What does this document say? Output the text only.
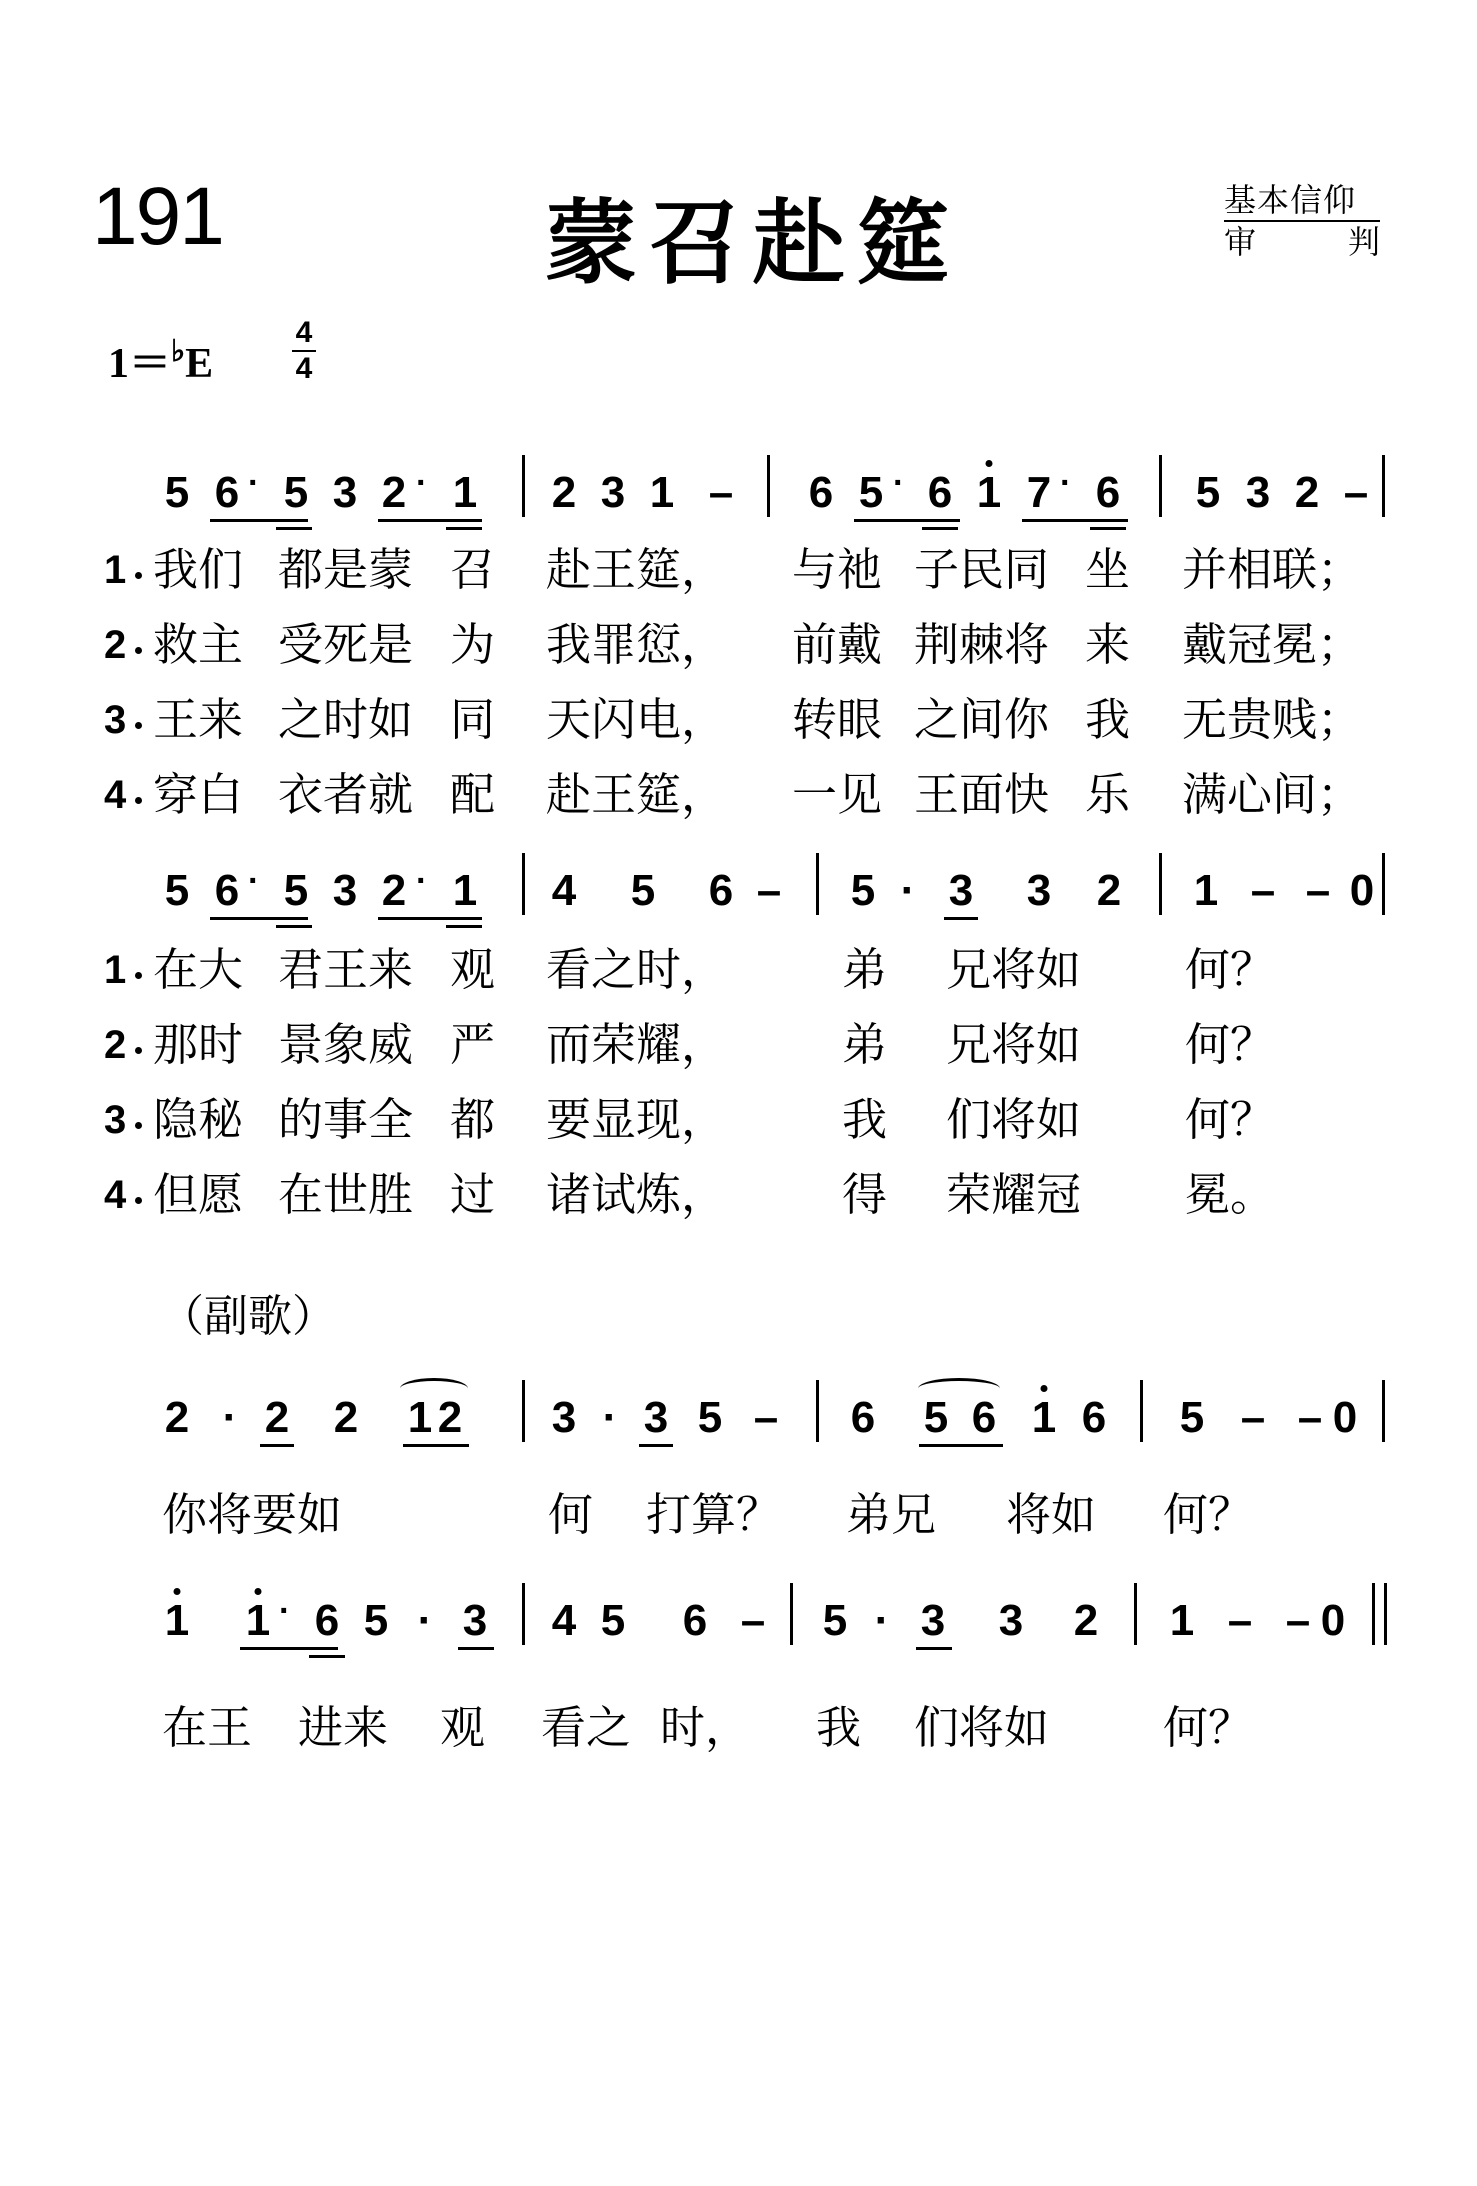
191	蒙召赴筵	基本信仰
审	判
1＝♭E
4
4
（副歌）
5 6 5 3 2 1 2 3 1 – 6 5 6 1 7 6 5 3 2 –
·	·	·	·
1 我们 都是蒙 召 赴王筵， 与祂 子民同 坐 并相联；
2 救主 受死是 为 我罪愆， 前戴 荆棘将 来 戴冠冕；
3 王来 之时如 同 天闪电， 转眼 之间你 我 无贵贱；
4 穿白 衣者就 配 赴王筵， 一见 王面快 乐 满心间；
5 6 5 3 2 1 4 5 6 – 5 · 3 3 2 1 – – 0
·	·
1 在大 君王来 观 看之时，	弟 兄将如 何？
2 那时 景象威 严 而荣耀，	弟 兄将如 何？
3 隐秘 的事全 都 要显现，	我 们将如 何？
4 但愿 在世胜 过 诸试炼，	得 荣耀冠 冕。
2 · 2 2 1 2 3 · 3 5 – 6 5 6 1 6 5 – – 0
你将要如	何 打算？ 弟兄 将如 何？
1 1 6 5 · 3 4 5 6 – 5 · 3 3 2 1 – – 0
·
在王 进来 观 看之 时， 我 们将如	何？
